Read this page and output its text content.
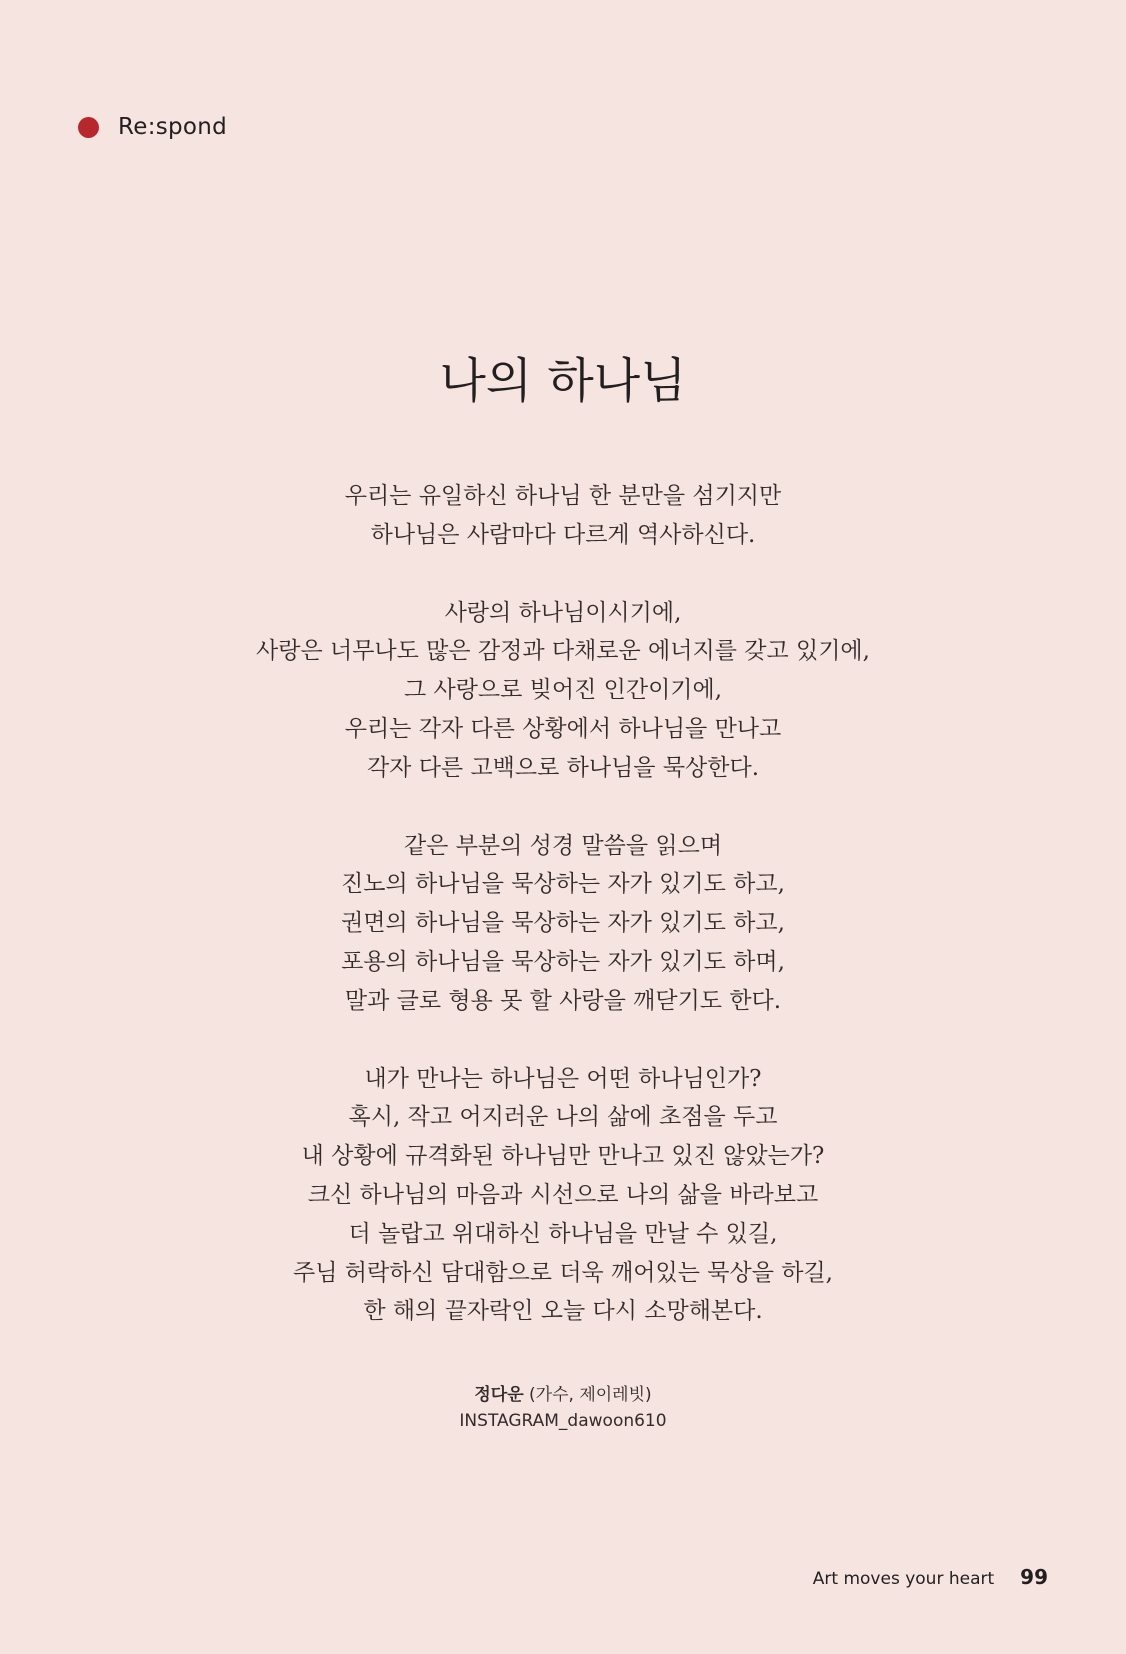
Re:spond
나의 하나님
우리는 유일하신 하나님 한 분만을 섬기지만
하나님은 사람마다 다르게 역사하신다.
사랑의 하나님이시기에,
사랑은 너무나도 많은 감정과 다채로운 에너지를 갖고 있기에,
그 사랑으로 빚어진 인간이기에,
우리는 각자 다른 상황에서 하나님을 만나고
각자 다른 고백으로 하나님을 묵상한다.
같은 부분의 성경 말씀을 읽으며
진노의 하나님을 묵상하는 자가 있기도 하고,
권면의 하나님을 묵상하는 자가 있기도 하고,
포용의 하나님을 묵상하는 자가 있기도 하며,
말과 글로 형용 못 할 사랑을 깨닫기도 한다.
내가 만나는 하나님은 어떤 하나님인가?
혹시, 작고 어지러운 나의 삶에 초점을 두고
내 상황에 규격화된 하나님만 만나고 있진 않았는가?
크신 하나님의 마음과 시선으로 나의 삶을 바라보고
더 놀랍고 위대하신 하나님을 만날 수 있길,
주님 허락하신 담대함으로 더욱 깨어있는 묵상을 하길,
한 해의 끝자락인 오늘 다시 소망해본다.
정다운 (가수, 제이레빗)
INSTAGRAM_dawoon610
Art moves your heart 99
